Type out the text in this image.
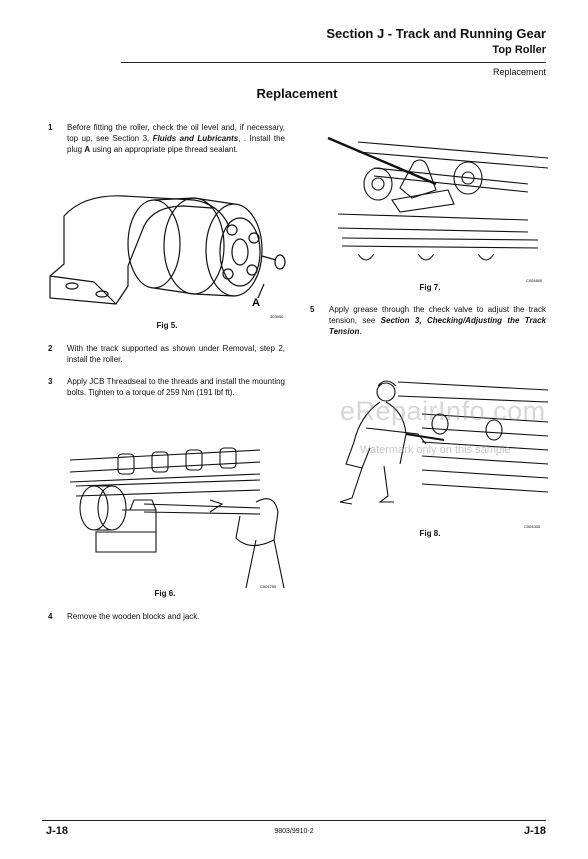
Section J - Track and Running Gear
Top Roller
Replacement
Replacement
1 Before fitting the roller, check the oil level and, if necessary, top up, see Section 3, Fluids and Lubricants, . Install the plug A using an appropriate pipe thread sealant.
A
303950
Fig 5.
2 With the track supported as shown under Removal, step 2, install the roller.
3 Apply JCB Threadseal to the threads and install the mounting bolts. Tighten to a torque of 259 Nm (191 lbf ft).
C004790
Fig 6.
4 Remove the wooden blocks and jack.
C004800
Fig 7.
5 Apply grease through the check valve to adjust the track tension, see Section 3, Checking/Adjusting the Track Tension.
C004330
Fig 8.
eRepairInfo.com
Watermark only on this sample
J-18	9803/9910-2	J-18
